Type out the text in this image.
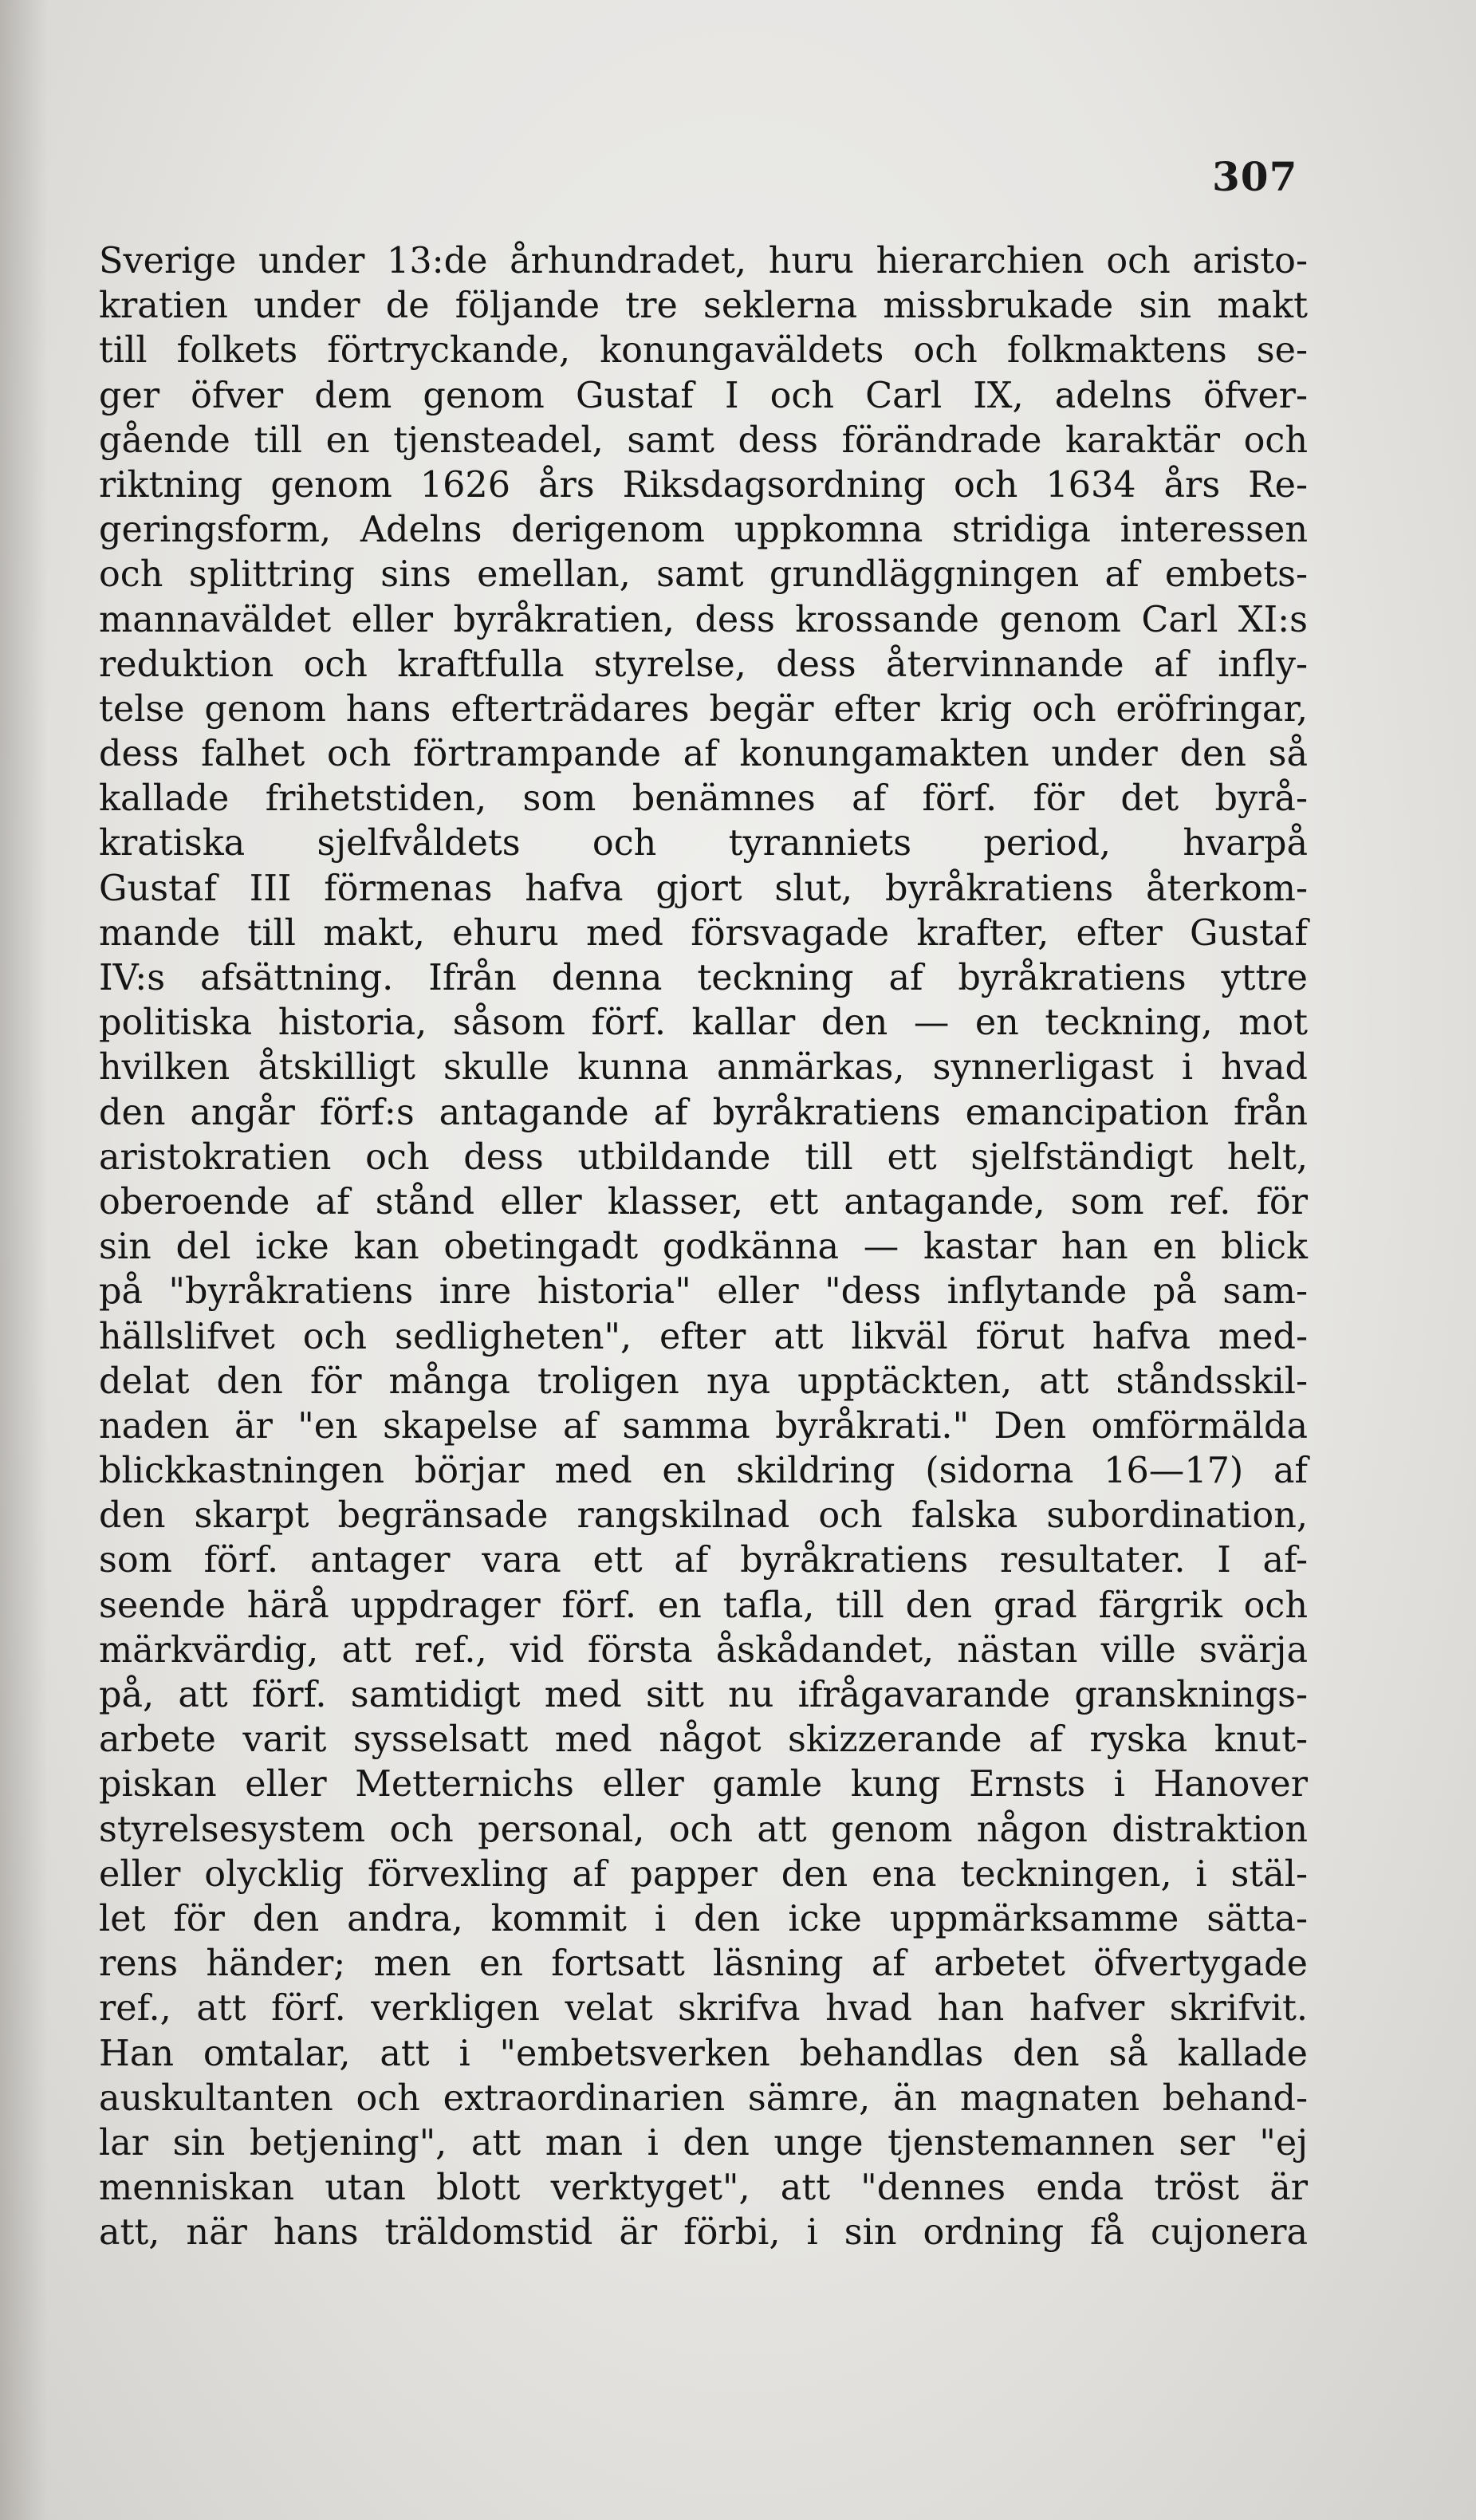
307
Sverige under 13:de århundradet, huru hierarchien och aristo-
kratien under de följande tre seklerna missbrukade sin makt
till folkets förtryckande, konungaväldets och folkmaktens se-
ger öfver dem genom Gustaf I och Carl IX, adelns öfver-
gående till en tjensteadel, samt dess förändrade karaktär och
riktning genom 1626 års Riksdagsordning och 1634 års Re-
geringsform, Adelns derigenom uppkomna stridiga interessen
och splittring sins emellan, samt grundläggningen af embets-
mannaväldet eller byråkratien, dess krossande genom Carl XI:s
reduktion och kraftfulla styrelse, dess återvinnande af infly-
telse genom hans efterträdares begär efter krig och eröfringar,
dess falhet och förtrampande af konungamakten under den så
kallade frihetstiden, som benämnes af förf. för det byrå-
kratiska sjelfvåldets och tyranniets period, hvarpå
Gustaf III förmenas hafva gjort slut, byråkratiens återkom-
mande till makt, ehuru med försvagade krafter, efter Gustaf
IV:s afsättning. Ifrån denna teckning af byråkratiens yttre
politiska historia, såsom förf. kallar den — en teckning, mot
hvilken åtskilligt skulle kunna anmärkas, synnerligast i hvad
den angår förf:s antagande af byråkratiens emancipation från
aristokratien och dess utbildande till ett sjelfständigt helt,
oberoende af stånd eller klasser, ett antagande, som ref. för
sin del icke kan obetingadt godkänna — kastar han en blick
på "byråkratiens inre historia" eller "dess inflytande på sam-
hällslifvet och sedligheten", efter att likväl förut hafva med-
delat den för många troligen nya upptäckten, att ståndsskil-
naden är "en skapelse af samma byråkrati." Den omförmälda
blickkastningen börjar med en skildring (sidorna 16—17) af
den skarpt begränsade rangskilnad och falska subordination,
som förf. antager vara ett af byråkratiens resultater. I af-
seende härå uppdrager förf. en tafla, till den grad färgrik och
märkvärdig, att ref., vid första åskådandet, nästan ville svärja
på, att förf. samtidigt med sitt nu ifrågavarande gransknings-
arbete varit sysselsatt med något skizzerande af ryska knut-
piskan eller Metternichs eller gamle kung Ernsts i Hanover
styrelsesystem och personal, och att genom någon distraktion
eller olycklig förvexling af papper den ena teckningen, i stäl-
let för den andra, kommit i den icke uppmärksamme sätta-
rens händer; men en fortsatt läsning af arbetet öfvertygade
ref., att förf. verkligen velat skrifva hvad han hafver skrifvit.
Han omtalar, att i "embetsverken behandlas den så kallade
auskultanten och extraordinarien sämre, än magnaten behand-
lar sin betjening", att man i den unge tjenstemannen ser "ej
menniskan utan blott verktyget", att "dennes enda tröst är
att, när hans träldomstid är förbi, i sin ordning få cujonera
